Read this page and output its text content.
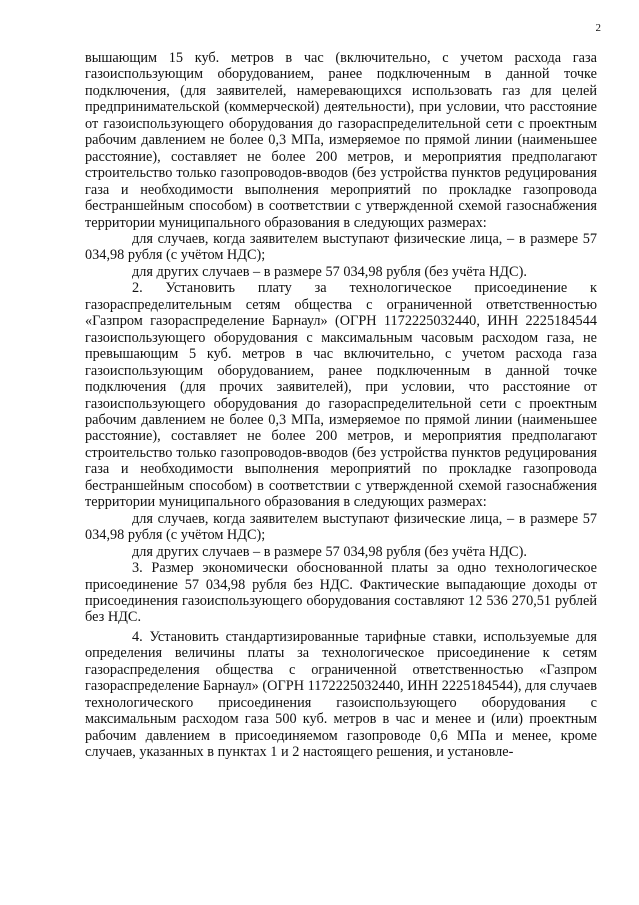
2

вышающим 15 куб. метров в час (включительно, с учетом расхода газа газоиспользующим оборудованием, ранее подключенным в данной точке подключения, (для заявителей, намеревающихся использовать газ для целей предпринимательской (коммерческой) деятельности), при условии, что расстояние от газоиспользующего оборудования до газораспределительной сети с проектным рабочим давлением не более 0,3 МПа, измеряемое по прямой линии (наименьшее расстояние), составляет не более 200 метров, и мероприятия предполагают строительство только газопроводов-вводов (без устройства пунктов редуцирования газа и необходимости выполнения мероприятий по прокладке газопровода бестраншейным способом) в соответствии с утвержденной схемой газоснабжения территории муниципального образования в следующих размерах:

для случаев, когда заявителем выступают физические лица, – в размере 57 034,98 рубля (с учётом НДС);

для других случаев – в размере 57 034,98 рубля (без учёта НДС).

2. Установить плату за технологическое присоединение к газораспределительным сетям общества с ограниченной ответственностью «Газпром газораспределение Барнаул» (ОГРН 1172225032440, ИНН 2225184544 газоиспользующего оборудования с максимальным часовым расходом газа, не превышающим 5 куб. метров в час включительно, с учетом расхода газа газоиспользующим оборудованием, ранее подключенным в данной точке подключения (для прочих заявителей), при условии, что расстояние от газоиспользующего оборудования до газораспределительной сети с проектным рабочим давлением не более 0,3 МПа, измеряемое по прямой линии (наименьшее расстояние), составляет не более 200 метров, и мероприятия предполагают строительство только газопроводов-вводов (без устройства пунктов редуцирования газа и необходимости выполнения мероприятий по прокладке газопровода бестраншейным способом) в соответствии с утвержденной схемой газоснабжения территории муниципального образования в следующих размерах:

для случаев, когда заявителем выступают физические лица, – в размере 57 034,98 рубля (с учётом НДС);

для других случаев – в размере 57 034,98 рубля (без учёта НДС).

3. Размер экономически обоснованной платы за одно технологическое присоединение 57 034,98 рубля без НДС. Фактические выпадающие доходы от присоединения газоиспользующего оборудования составляют 12 536 270,51 рублей без НДС.

4. Установить стандартизированные тарифные ставки, используемые для определения величины платы за технологическое присоединение к сетям газораспределения общества с ограниченной ответственностью «Газпром газораспределение Барнаул» (ОГРН 1172225032440, ИНН 2225184544), для случаев технологического присоединения газоиспользующего оборудования с максимальным расходом газа 500 куб. метров в час и менее и (или) проектным рабочим давлением в присоединяемом газопроводе 0,6 МПа и менее, кроме случаев, указанных в пунктах 1 и 2 настоящего решения, и установле-
